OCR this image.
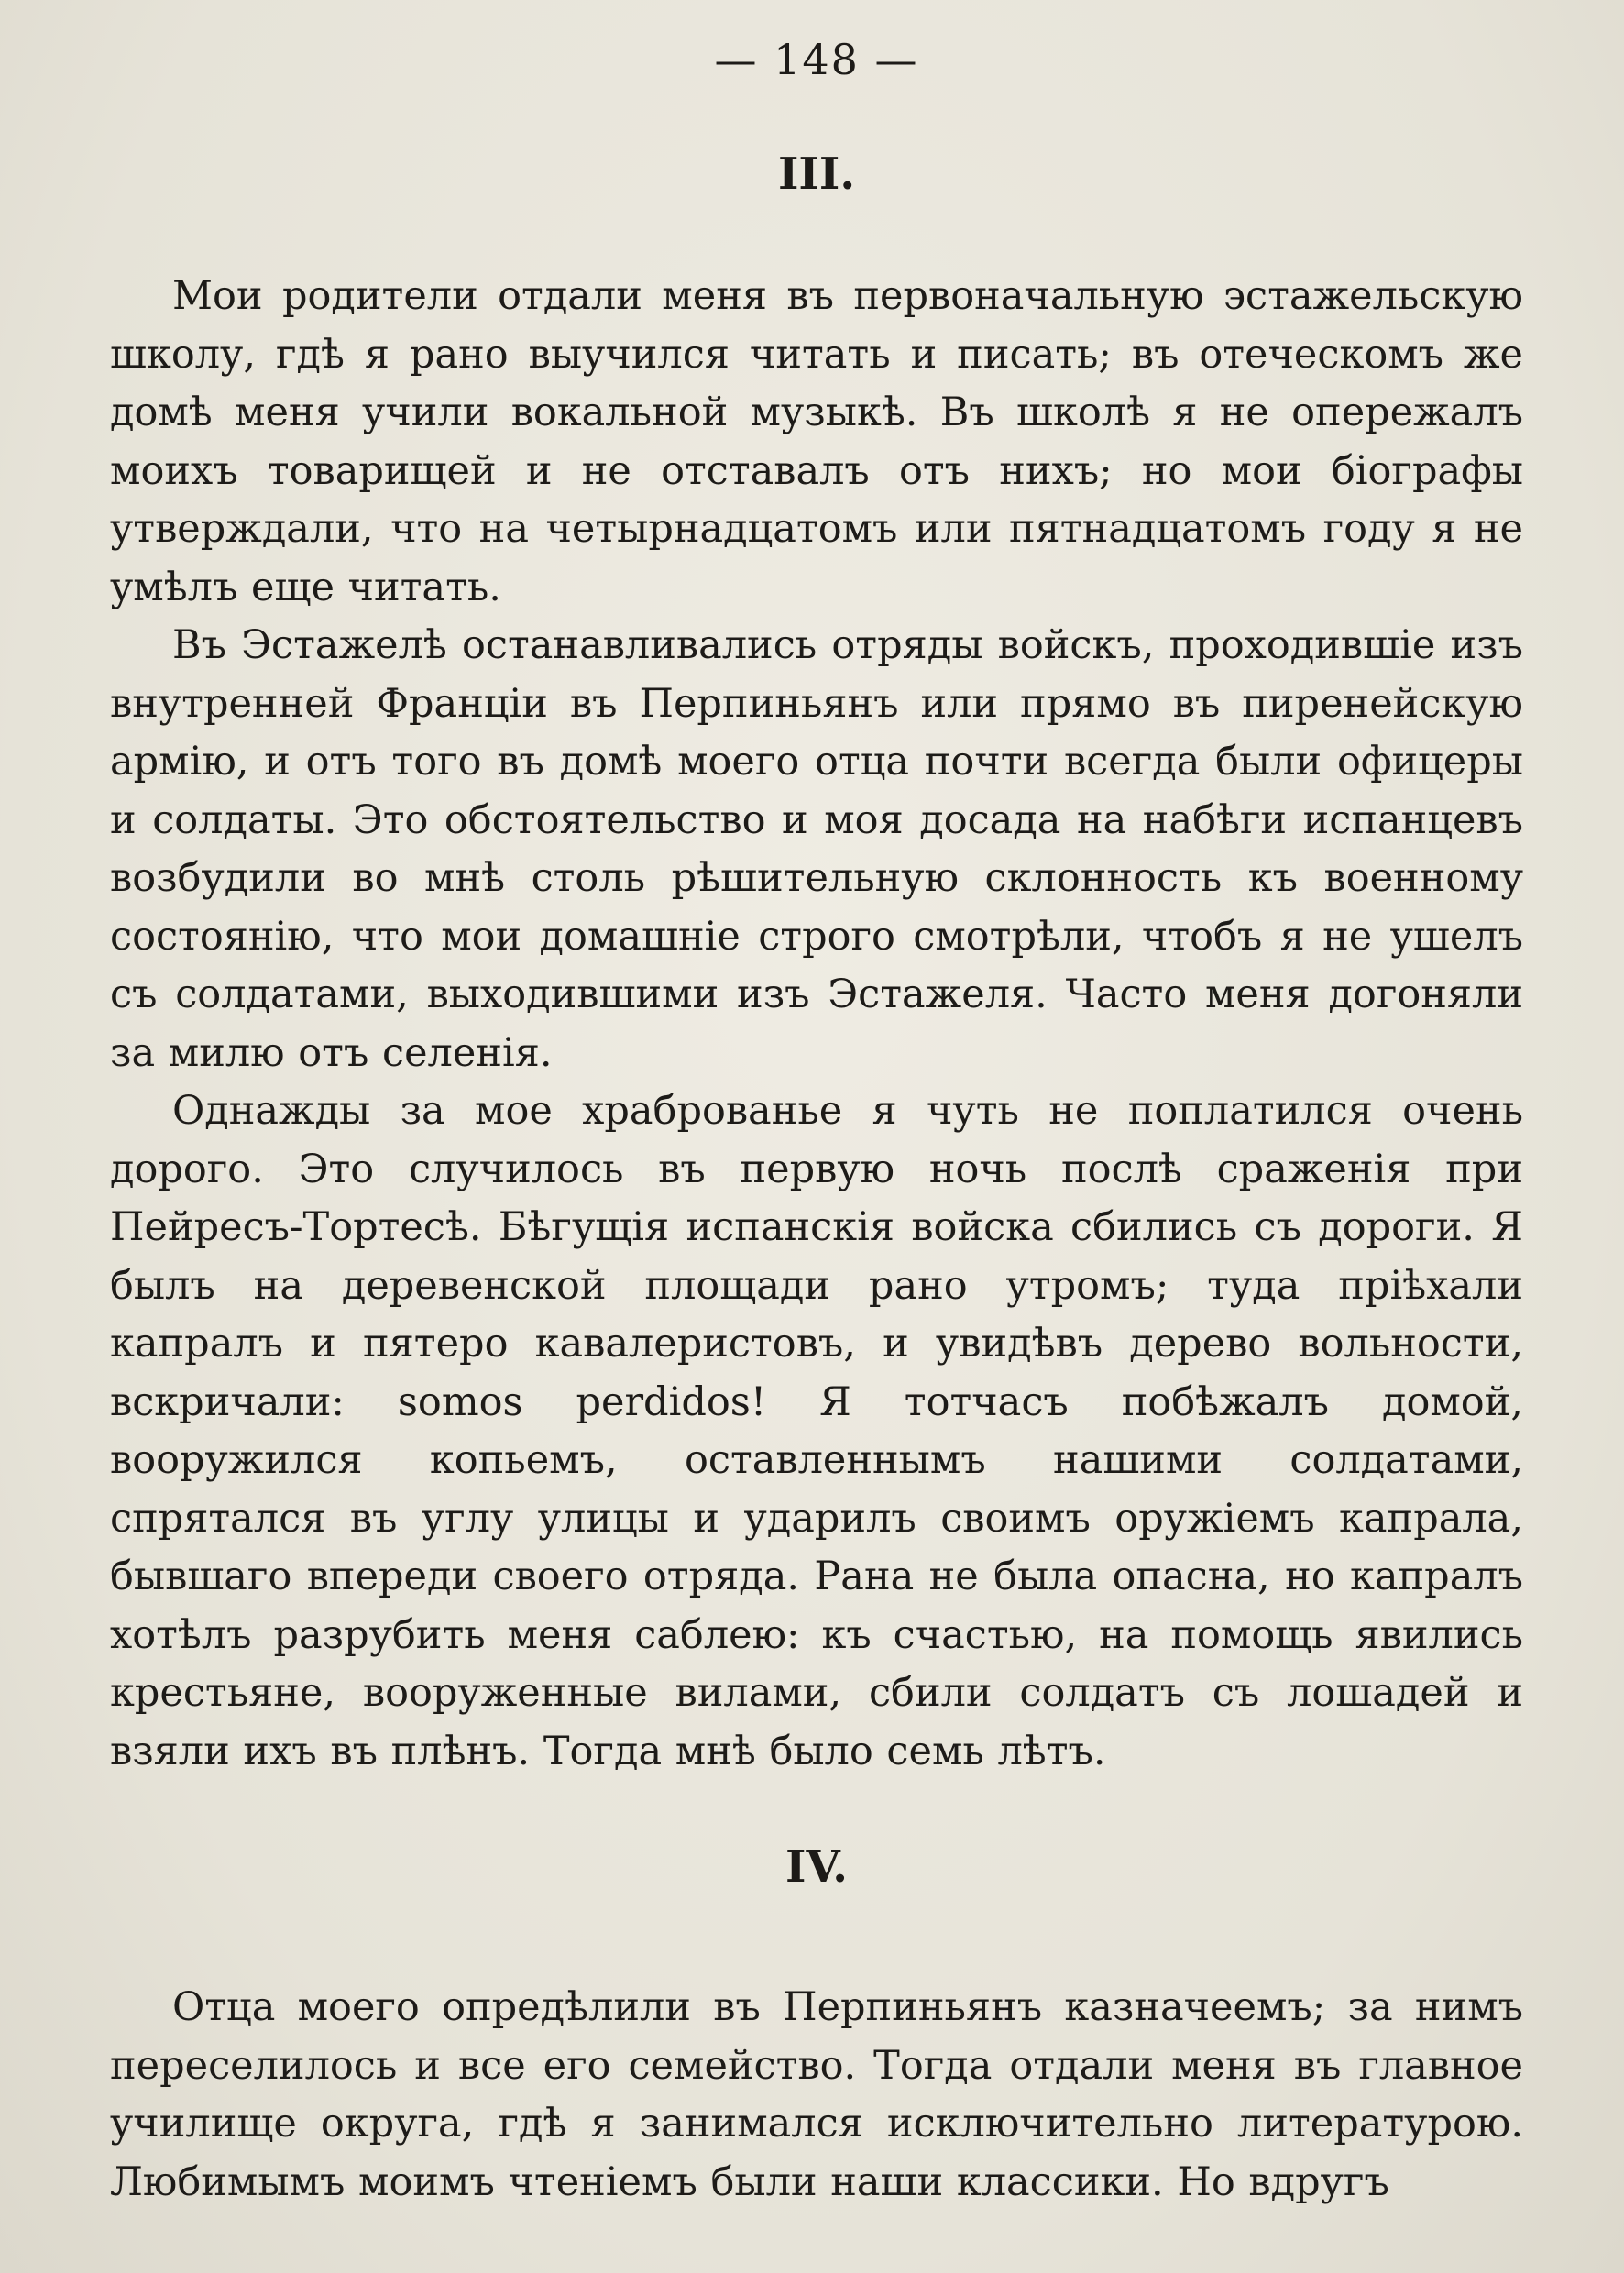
— 148 —
III.

Мои родители отдали меня въ первоначальную эстажельскую школу, гдѣ я рано выучился читать и писать; въ отеческомъ же домѣ меня учили вокальной музыкѣ. Въ школѣ я не опережалъ моихъ товарищей и не отставалъ отъ нихъ; но мои біографы утверждали, что на четырнадцатомъ или пятнадцатомъ году я не умѣлъ еще читать.

Въ Эстажелѣ останавливались отряды войскъ, проходившіе изъ внутренней Франціи въ Перпиньянъ или прямо въ пиренейскую армію, и отъ того въ домѣ моего отца почти всегда были офицеры и солдаты. Это обстоятельство и моя досада на набѣги испанцевъ возбудили во мнѣ столь рѣшительную склонность къ военному состоянію, что мои домашніе строго смотрѣли, чтобъ я не ушелъ съ солдатами, выходившими изъ Эстажеля. Часто меня догоняли за милю отъ селенія.

Однажды за мое храброванье я чуть не поплатился очень дорого. Это случилось въ первую ночь послѣ сраженія при Пейресъ-Тортесѣ. Бѣгущія испанскія войска сбились съ дороги. Я былъ на деревенской площади рано утромъ; туда пріѣхали капралъ и пятеро кавалеристовъ, и увидѣвъ дерево вольности, вскричали: somos perdidos! Я тотчасъ побѣжалъ домой, вооружился копьемъ, оставленнымъ нашими солдатами, спрятался въ углу улицы и ударилъ своимъ оружіемъ капрала, бывшаго впереди своего отряда. Рана не была опасна, но капралъ хотѣлъ разрубить меня саблею: къ счастью, на помощь явились крестьяне, вооруженные вилами, сбили солдатъ съ лошадей и взяли ихъ въ плѣнъ. Тогда мнѣ было семь лѣтъ.

IV.

Отца моего опредѣлили въ Перпиньянъ казначеемъ; за нимъ переселилось и все его семейство. Тогда отдали меня въ главное училище округа, гдѣ я занимался исключительно литературою. Любимымъ моимъ чтеніемъ были наши классики. Но вдругъ
